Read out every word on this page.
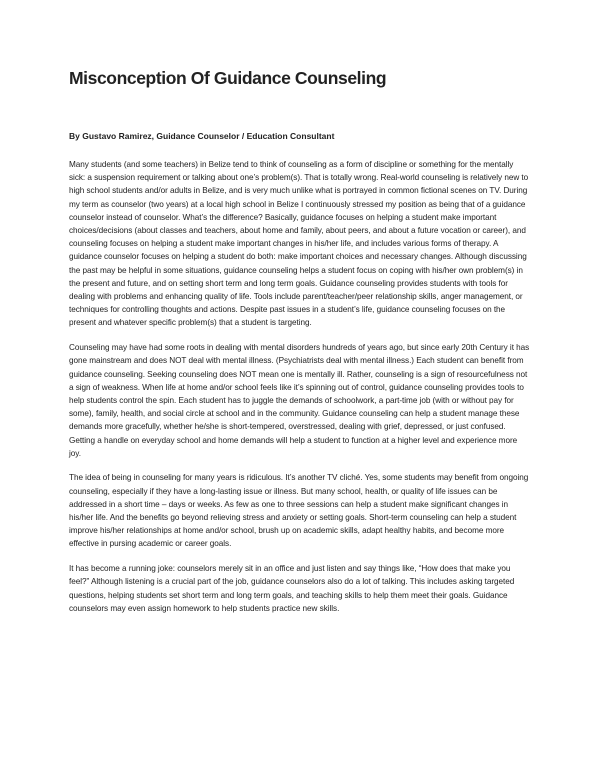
Misconception Of Guidance Counseling
By Gustavo Ramirez, Guidance Counselor / Education Consultant

Many students (and some teachers) in Belize tend to think of counseling as a form of discipline or something for the mentally sick: a suspension requirement or talking about one’s problem(s). That is totally wrong. Real-world counseling is relatively new to high school students and/or adults in Belize, and is very much unlike what is portrayed in common fictional scenes on TV. During my term as counselor (two years) at a local high school in Belize I continuously stressed my position as being that of a guidance counselor instead of counselor. What’s the difference? Basically, guidance focuses on helping a student make important choices/decisions (about classes and teachers, about home and family, about peers, and about a future vocation or career), and counseling focuses on helping a student make important changes in his/her life, and includes various forms of therapy. A guidance counselor focuses on helping a student do both: make important choices and necessary changes. Although discussing the past may be helpful in some situations, guidance counseling helps a student focus on coping with his/her own problem(s) in the present and future, and on setting short term and long term goals. Guidance counseling provides students with tools for dealing with problems and enhancing quality of life. Tools include parent/teacher/peer relationship skills, anger management, or techniques for controlling thoughts and actions. Despite past issues in a student’s life, guidance counseling focuses on the present and whatever specific problem(s) that a student is targeting.

Counseling may have had some roots in dealing with mental disorders hundreds of years ago, but since early 20th Century it has gone mainstream and does NOT deal with mental illness. (Psychiatrists deal with mental illness.) Each student can benefit from guidance counseling. Seeking counseling does NOT mean one is mentally ill. Rather, counseling is a sign of resourcefulness not a sign of weakness. When life at home and/or school feels like it’s spinning out of control, guidance counseling provides tools to help students control the spin. Each student has to juggle the demands of schoolwork, a part-time job (with or without pay for some), family, health, and social circle at school and in the community. Guidance counseling can help a student manage these demands more gracefully, whether he/she is short-tempered, overstressed, dealing with grief, depressed, or just confused. Getting a handle on everyday school and home demands will help a student to function at a higher level and experience more joy.

The idea of being in counseling for many years is ridiculous. It’s another TV cliché. Yes, some students may benefit from ongoing counseling, especially if they have a long-lasting issue or illness. But many school, health, or quality of life issues can be addressed in a short time – days or weeks. As few as one to three sessions can help a student make significant changes in his/her life. And the benefits go beyond relieving stress and anxiety or setting goals. Short-term counseling can help a student improve his/her relationships at home and/or school, brush up on academic skills, adapt healthy habits, and become more effective in pursing academic or career goals.

It has become a running joke: counselors merely sit in an office and just listen and say things like, “How does that make you feel?” Although listening is a crucial part of the job, guidance counselors also do a lot of talking. This includes asking targeted questions, helping students set short term and long term goals, and teaching skills to help them meet their goals. Guidance counselors may even assign homework to help students practice new skills.
